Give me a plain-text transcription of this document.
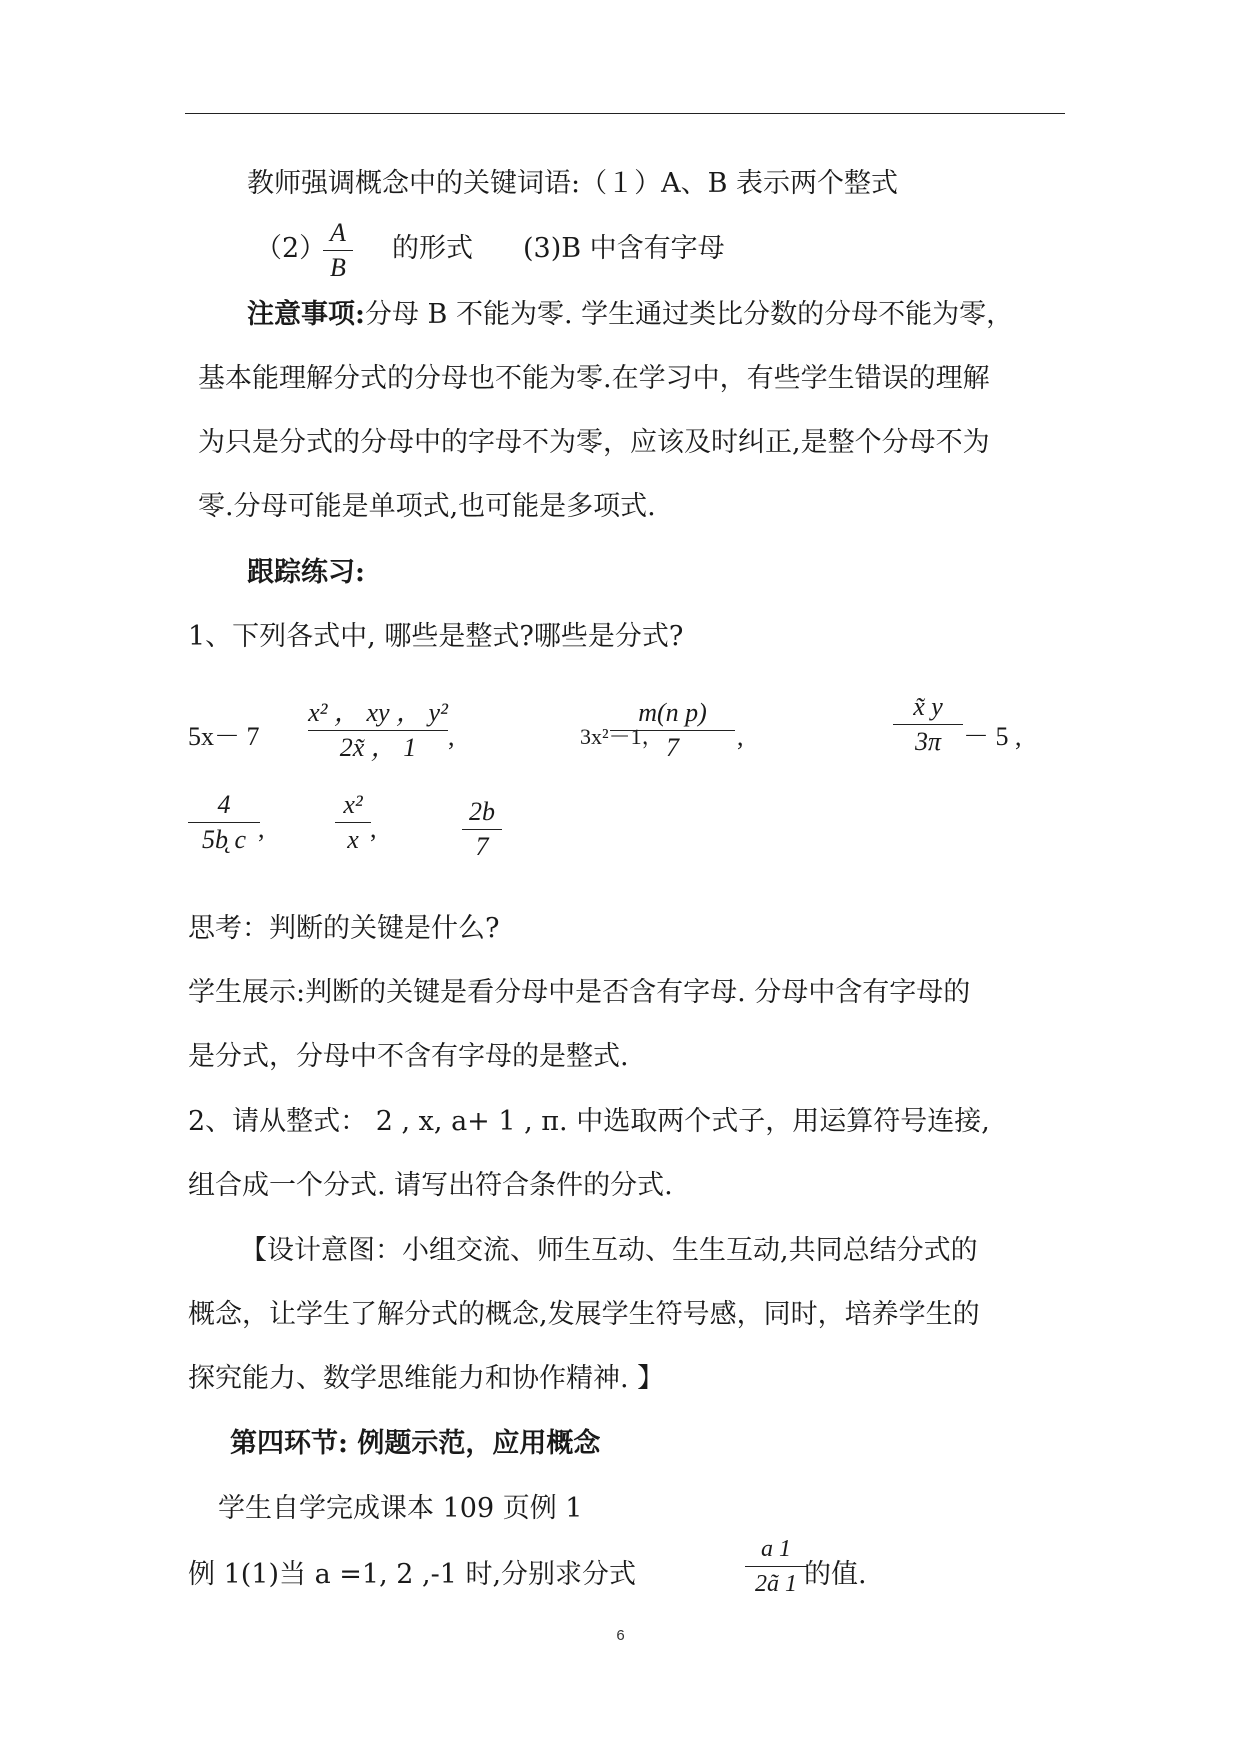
教师强调概念中的关键词语:（１）A、B 表示两个整式
（2）
A
B
的形式 (3)B 中含有字母
注意事项:分母 B 不能为零. 学生通过类比分数的分母不能为零，
基本能理解分式的分母也不能为零.在学习中，有些学生错误的理解
为只是分式的分母中的字母不为零，应该及时纠正,是整个分母不为
零.分母可能是单项式,也可能是多项式.
跟踪练习:
1、下列各式中, 哪些是整式?哪些是分式?
5x－ 7
x² ， xy ， y²
2x̃ ， 1	,	3x²－1，
m(n p)
7	,
x̃ y
3π － 5 ,
4
5b̨ c ,
x²
x ,
2b
7
思考：判断的关键是什么?
学生展示:判断的关键是看分母中是否含有字母. 分母中含有字母的
是分式，分母中不含有字母的是整式.
2、请从整式： 2 , x, a+ 1 , π. 中选取两个式子，用运算符号连接,
组合成一个分式. 请写出符合条件的分式.
【设计意图：小组交流、师生互动、生生互动,共同总结分式的
概念，让学生了解分式的概念,发展学生符号感，同时，培养学生的
探究能力、数学思维能力和协作精神. 】
第四环节: 例题示范，应用概念
学生自学完成课本 109 页例 1
例 1(1)当 a =1, 2 ,-1 时,分别求分式
a 1
2ã 1 的值.
6
